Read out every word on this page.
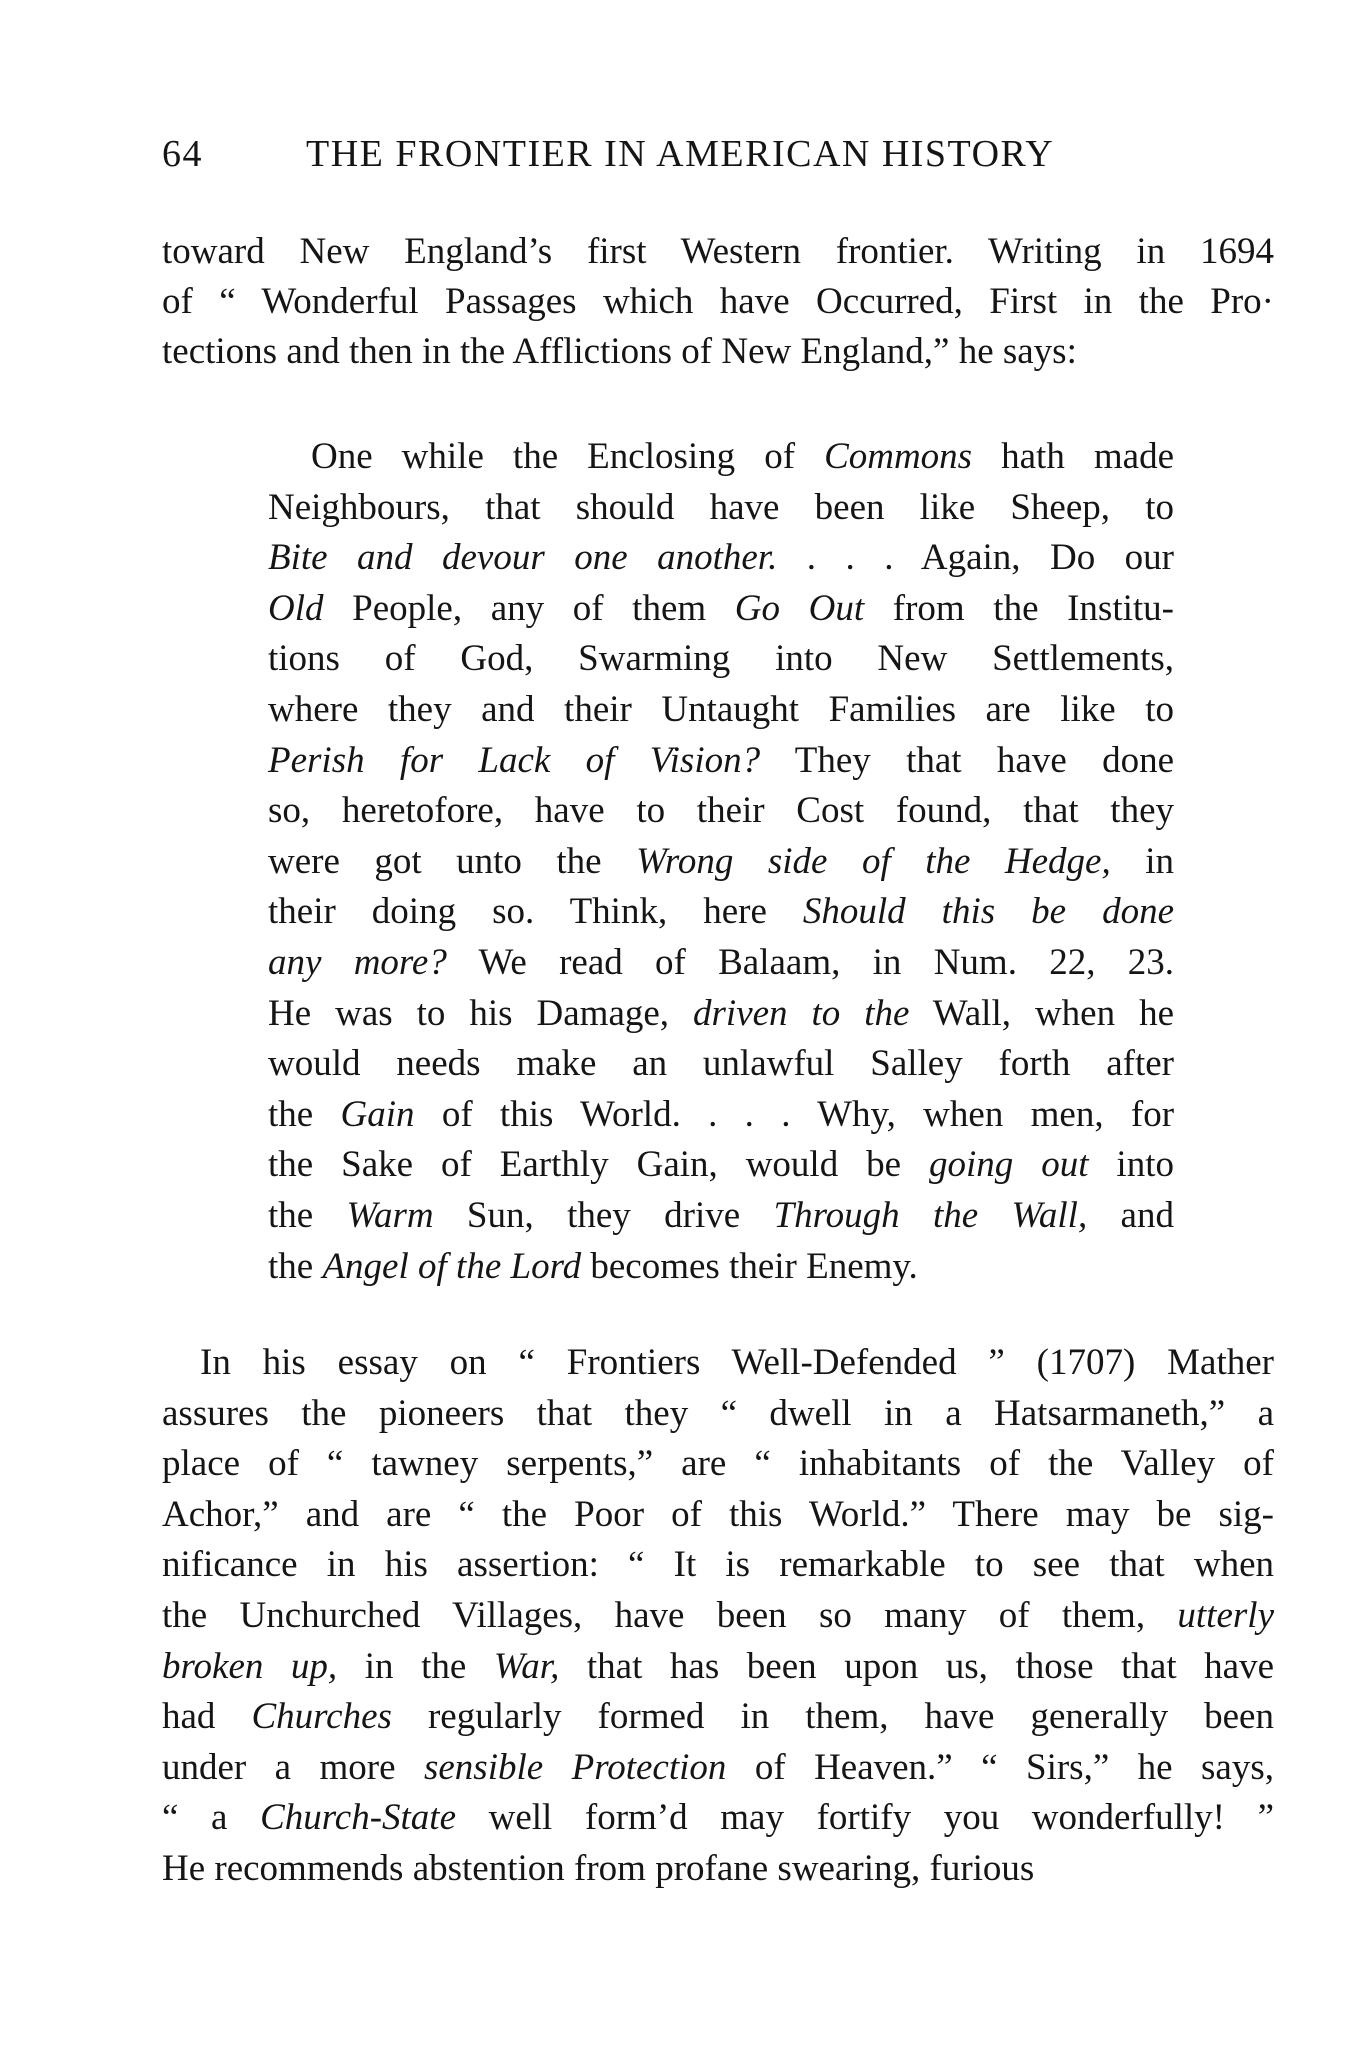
64	THE FRONTIER IN AMERICAN HISTORY
toward New England’s first Western frontier. Writing in 1694
of “ Wonderful Passages which have Occurred, First in the Pro·
tections and then in the Afflictions of New England,” he says:
One while the Enclosing of Commons hath made
Neighbours, that should have been like Sheep, to
Bite and devour one another. . . . Again, Do our
Old People, any of them Go Out from the Institu-
tions of God, Swarming into New Settlements,
where they and their Untaught Families are like to
Perish for Lack of Vision? They that have done
so, heretofore, have to their Cost found, that they
were got unto the Wrong side of the Hedge, in
their doing so. Think, here Should this be done
any more? We read of Balaam, in Num. 22, 23.
He was to his Damage, driven to the Wall, when he
would needs make an unlawful Salley forth after
the Gain of this World. . . . Why, when men, for
the Sake of Earthly Gain, would be going out into
the Warm Sun, they drive Through the Wall, and
the Angel of the Lord becomes their Enemy.
In his essay on “ Frontiers Well-Defended ” (1707) Mather
assures the pioneers that they “ dwell in a Hatsarmaneth,” a
place of “ tawney serpents,” are “ inhabitants of the Valley of
Achor,” and are “ the Poor of this World.” There may be sig-
nificance in his assertion: “ It is remarkable to see that when
the Unchurched Villages, have been so many of them, utterly
broken up, in the War, that has been upon us, those that have
had Churches regularly formed in them, have generally been
under a more sensible Protection of Heaven.” “ Sirs,” he says,
“ a Church-State well form’d may fortify you wonderfully! ”
He recommends abstention from profane swearing, furious
